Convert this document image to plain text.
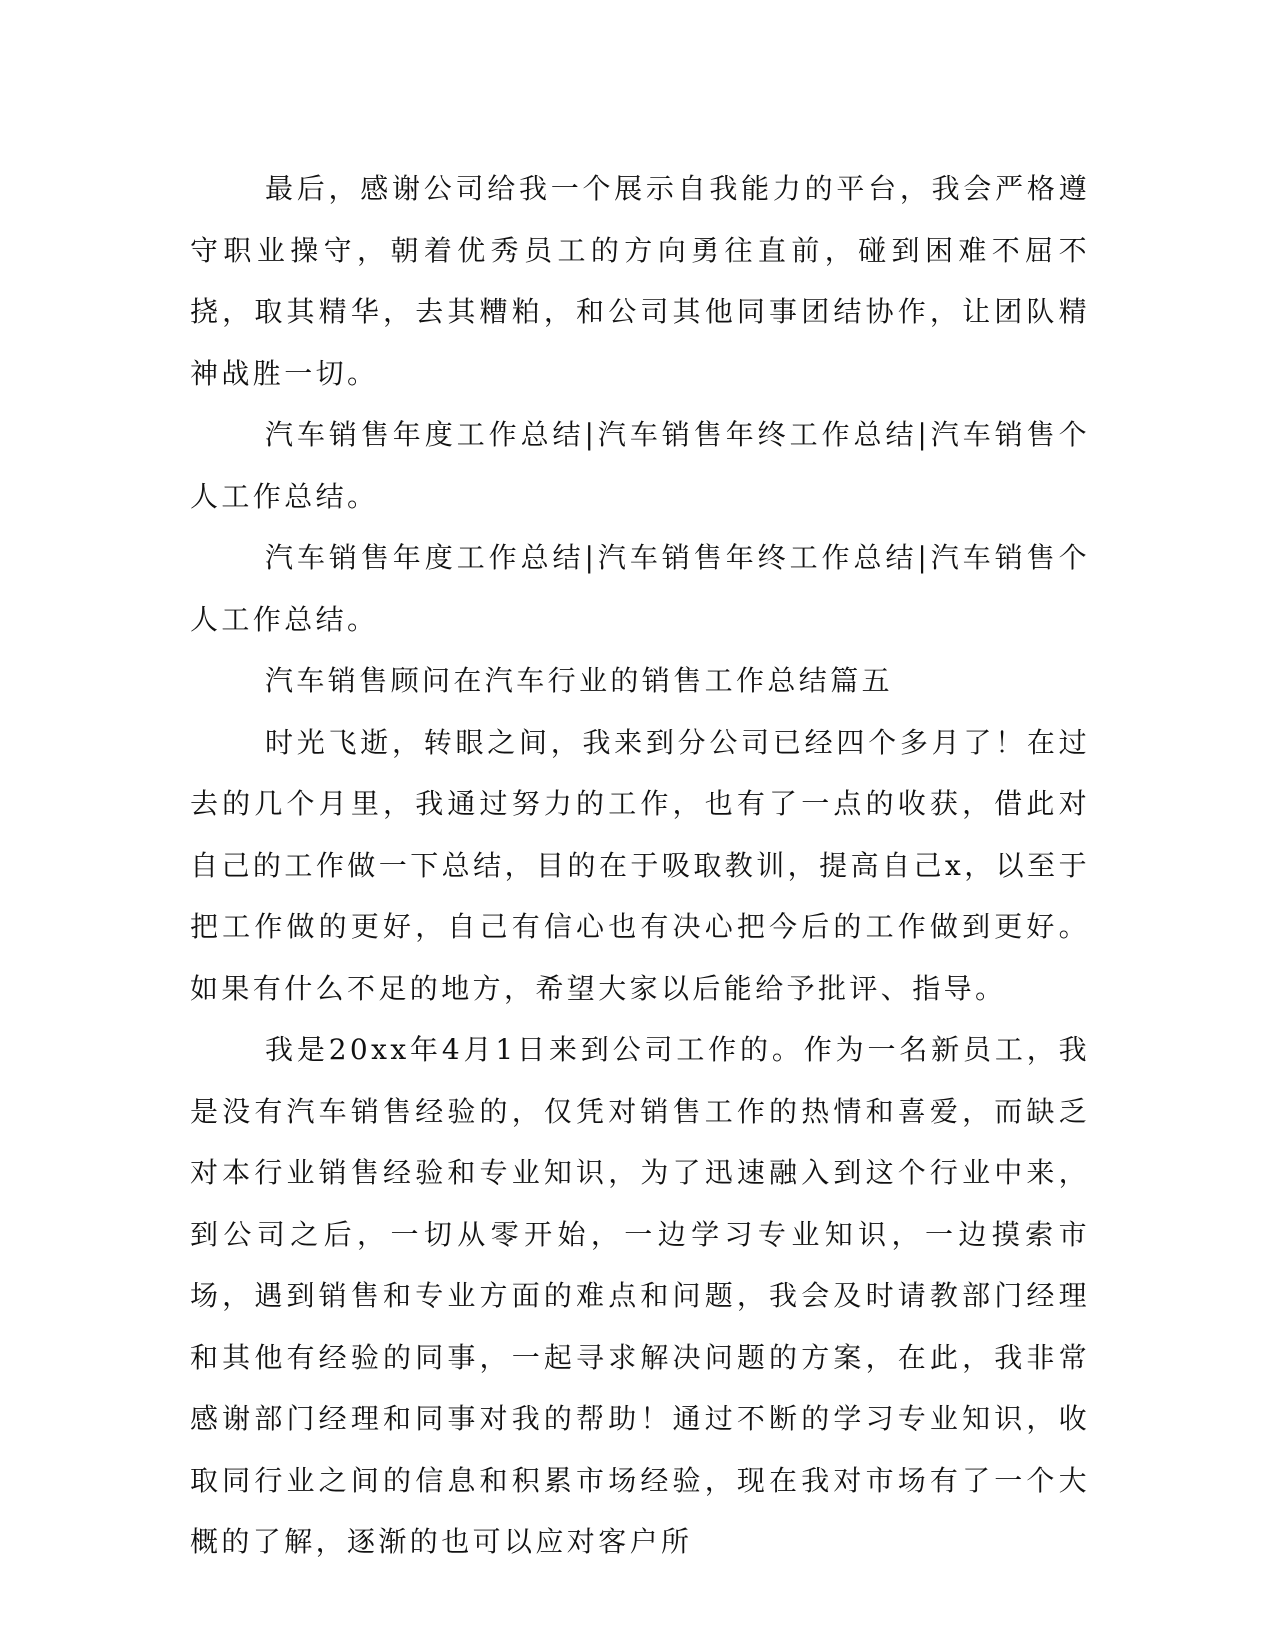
最后，感谢公司给我一个展示自我能力的平台，我会严格遵守职业操守，朝着优秀员工的方向勇往直前，碰到困难不屈不挠，取其精华，去其糟粕，和公司其他同事团结协作，让团队精神战胜一切。

汽车销售年度工作总结|汽车销售年终工作总结|汽车销售个人工作总结。

汽车销售年度工作总结|汽车销售年终工作总结|汽车销售个人工作总结。

汽车销售顾问在汽车行业的销售工作总结篇五

时光飞逝，转眼之间，我来到分公司已经四个多月了！在过去的几个月里，我通过努力的工作，也有了一点的收获，借此对自己的工作做一下总结，目的在于吸取教训，提高自己x，以至于把工作做的更好，自己有信心也有决心把今后的工作做到更好。如果有什么不足的地方，希望大家以后能给予批评、指导。

我是20xx年4月1日来到公司工作的。作为一名新员工，我是没有汽车销售经验的，仅凭对销售工作的热情和喜爱，而缺乏对本行业销售经验和专业知识，为了迅速融入到这个行业中来，到公司之后，一切从零开始，一边学习专业知识，一边摸索市场，遇到销售和专业方面的难点和问题，我会及时请教部门经理和其他有经验的同事，一起寻求解决问题的方案，在此，我非常感谢部门经理和同事对我的帮助！通过不断的学习专业知识，收取同行业之间的信息和积累市场经验，现在我对市场有了一个大概的了解，逐渐的也可以应对客户所
